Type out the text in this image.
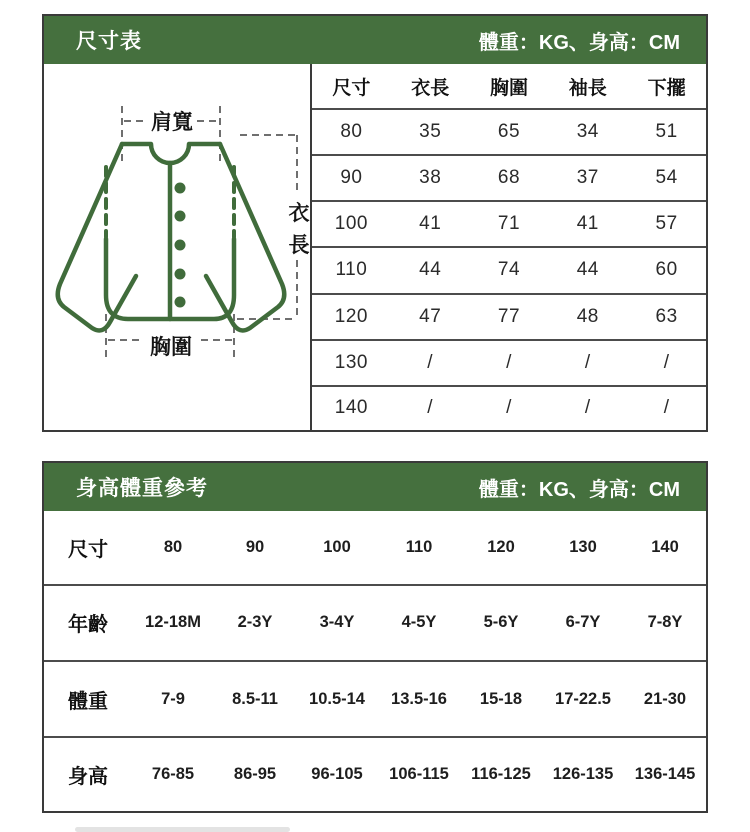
尺寸表	體重：KG、身高：CM
肩寬
衣
長
胸圍
尺寸	衣長	胸圍	袖長	下擺
80	35	65	34	51
90	38	68	37	54
100	41	71	41	57
110	44	74	44	60
120	47	77	48	63
130	/	/	/	/
140	/	/	/	/
身高體重參考	體重：KG、身高：CM
尺寸	80	90	100	110	120	130	140
年齡	12-18M	2-3Y	3-4Y	4-5Y	5-6Y	6-7Y	7-8Y
體重	7-9	8.5-11	10.5-14	13.5-16	15-18	17-22.5	21-30
身高	76-85	86-95	96-105	106-115	116-125	126-135	136-145
